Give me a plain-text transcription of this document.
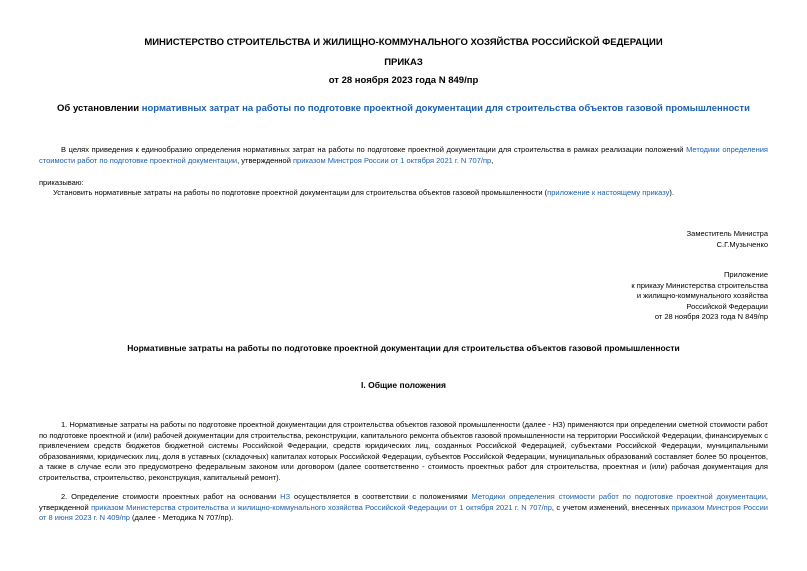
МИНИСТЕРСТВО СТРОИТЕЛЬСТВА И ЖИЛИЩНО-КОММУНАЛЬНОГО ХОЗЯЙСТВА РОССИЙСКОЙ ФЕДЕРАЦИИ
ПРИКАЗ
от 28 ноября 2023 года N 849/пр
Об установлении нормативных затрат на работы по подготовке проектной документации для строительства объектов газовой промышленности
В целях приведения к единообразию определения нормативных затрат на работы по подготовке проектной документации для строительства в рамках реализации положений Методики определения стоимости работ по подготовке проектной документации, утвержденной приказом Минстроя России от 1 октября 2021 г. N 707/пр,
приказываю:
Установить нормативные затраты на работы по подготовке проектной документации для строительства объектов газовой промышленности (приложение к настоящему приказу).
Заместитель Министра
С.Г.Музыченко
Приложение
к приказу Министерства строительства
и жилищно-коммунального хозяйства
Российской Федерации
от 28 ноября 2023 года N 849/пр
Нормативные затраты на работы по подготовке проектной документации для строительства объектов газовой промышленности
I. Общие положения
1. Нормативные затраты на работы по подготовке проектной документации для строительства объектов газовой промышленности (далее - НЗ) применяются при определении сметной стоимости работ по подготовке проектной и (или) рабочей документации для строительства, реконструкции, капитального ремонта объектов газовой промышленности на территории Российской Федерации, финансируемых с привлечением средств бюджетов бюджетной системы Российской Федерации, средств юридических лиц, созданных Российской Федерацией, субъектами Российской Федерации, муниципальными образованиями, юридических лиц, доля в уставных (складочных) капиталах которых Российской Федерации, субъектов Российской Федерации, муниципальных образований составляет более 50 процентов, а также в случае если это предусмотрено федеральным законом или договором (далее соответственно - стоимость проектных работ для строительства, проектная и (или) рабочая документация для строительства, строительство, реконструкция, капитальный ремонт).
2. Определение стоимости проектных работ на основании НЗ осуществляется в соответствии с положениями Методики определения стоимости работ по подготовке проектной документации, утвержденной приказом Министерства строительства и жилищно-коммунального хозяйства Российской Федерации от 1 октября 2021 г. N 707/пр, с учетом изменений, внесенных приказом Минстроя России от 8 июня 2023 г. N 409/пр (далее - Методика N 707/пр).
